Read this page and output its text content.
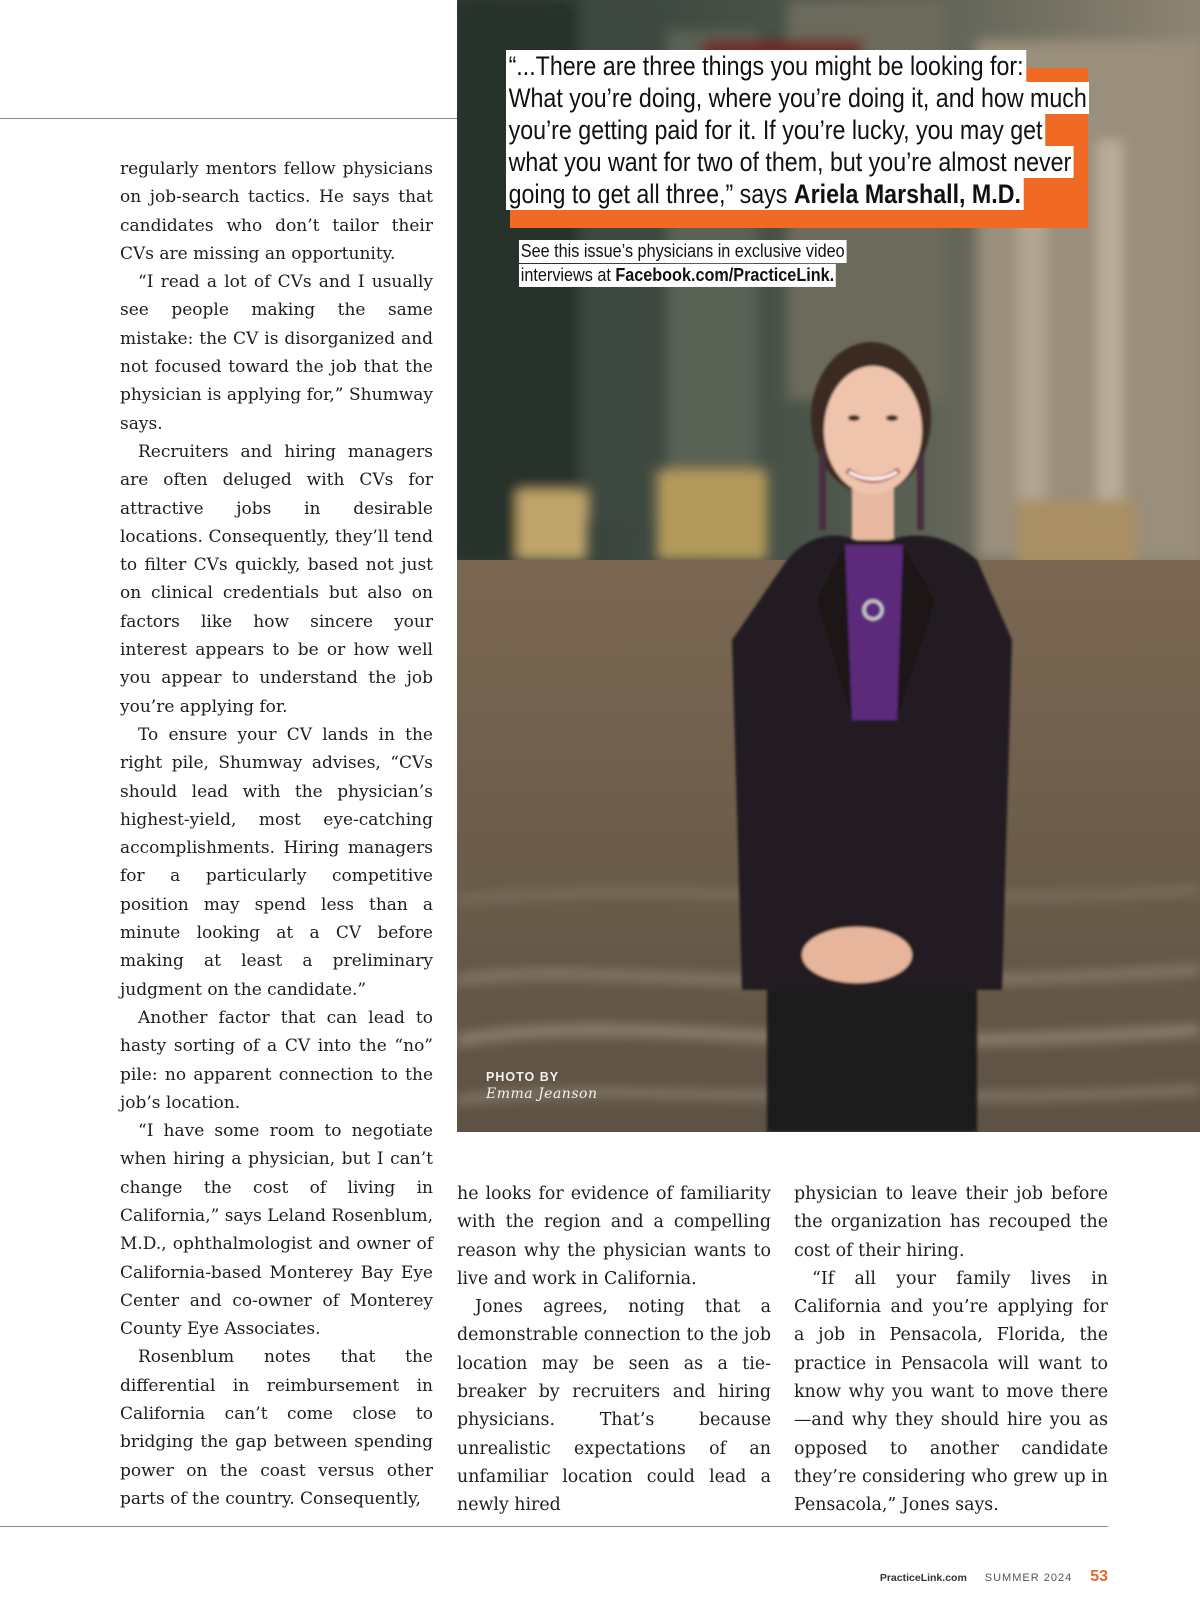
regularly mentors fellow physicians on job-search tactics. He says that candidates who don’t tailor their CVs are missing an opportunity.

“I read a lot of CVs and I usually see people making the same mistake: the CV is disorganized and not focused toward the job that the physician is applying for,” Shumway says.

Recruiters and hiring managers are often deluged with CVs for attractive jobs in desirable locations. Consequently, they’ll tend to filter CVs quickly, based not just on clinical credentials but also on factors like how sincere your interest appears to be or how well you appear to understand the job you’re applying for.

To ensure your CV lands in the right pile, Shumway advises, “CVs should lead with the physician’s highest-yield, most eye-catching accomplishments. Hiring managers for a particularly competitive position may spend less than a minute looking at a CV before making at least a preliminary judgment on the candidate.”

Another factor that can lead to hasty sorting of a CV into the “no” pile: no apparent connection to the job’s location.

“I have some room to negotiate when hiring a physician, but I can’t change the cost of living in California,” says Leland Rosenblum, M.D., ophthalmologist and owner of California-based Monterey Bay Eye Center and co-owner of Monterey County Eye Associates.

Rosenblum notes that the differential in reimbursement in California can’t come close to bridging the gap between spending power on the coast versus other parts of the country. Consequently,

“...There are three things you might be looking for:
What you’re doing, where you’re doing it, and how much
you’re getting paid for it. If you’re lucky, you may get
what you want for two of them, but you’re almost never
going to get all three,” says Ariela Marshall, M.D.
See this issue’s physicians in exclusive video
interviews at Facebook.com/PracticeLink.
PHOTO BY
Emma Jeanson

he looks for evidence of familiarity with the region and a compelling reason why the physician wants to live and work in California.

Jones agrees, noting that a demonstrable connection to the job location may be seen as a tie-breaker by recruiters and hiring physicians. That’s because unrealistic expectations of an unfamiliar location could lead a newly hired

physician to leave their job before the organization has recouped the cost of their hiring.

“If all your family lives in California and you’re applying for a job in Pensacola, Florida, the practice in Pensacola will want to know why you want to move there—and why they should hire you as opposed to another candidate they’re considering who grew up in Pensacola,” Jones says.

PracticeLink.com SUMMER 2024 53
